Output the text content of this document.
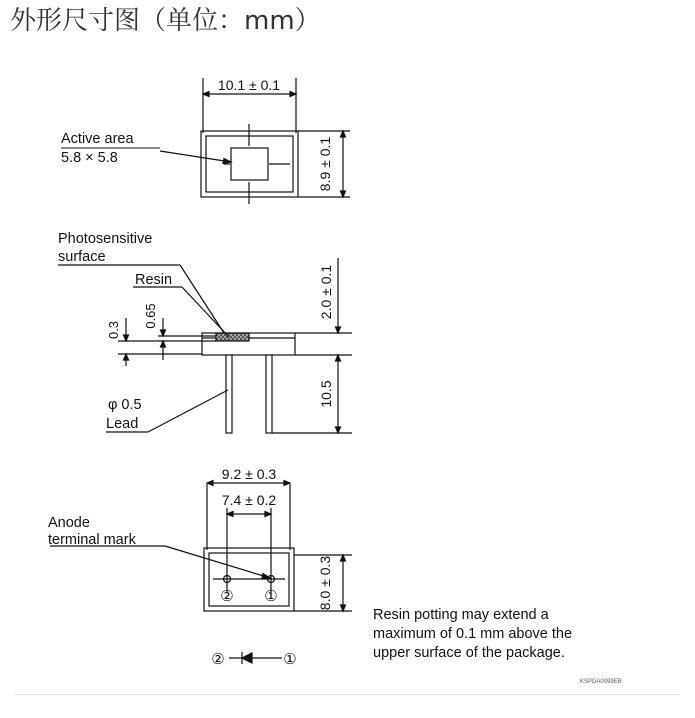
外形尺寸图（单位：mm）
10.1 ± 0.1
Active area
5.8 × 5.8	8.9 ± 0.1
Photosensitive
surface
Resin
0.3
0.65	2.0 ± 0.1
10.5
φ 0.5
Lead
9.2 ± 0.3
7.4 ± 0.2
8.0 ± 0.3
Anode
terminal mark
② ①
②	①
Resin potting may extend a
maximum of 0.1 mm above the
upper surface of the package.
KSPDA0099EB
